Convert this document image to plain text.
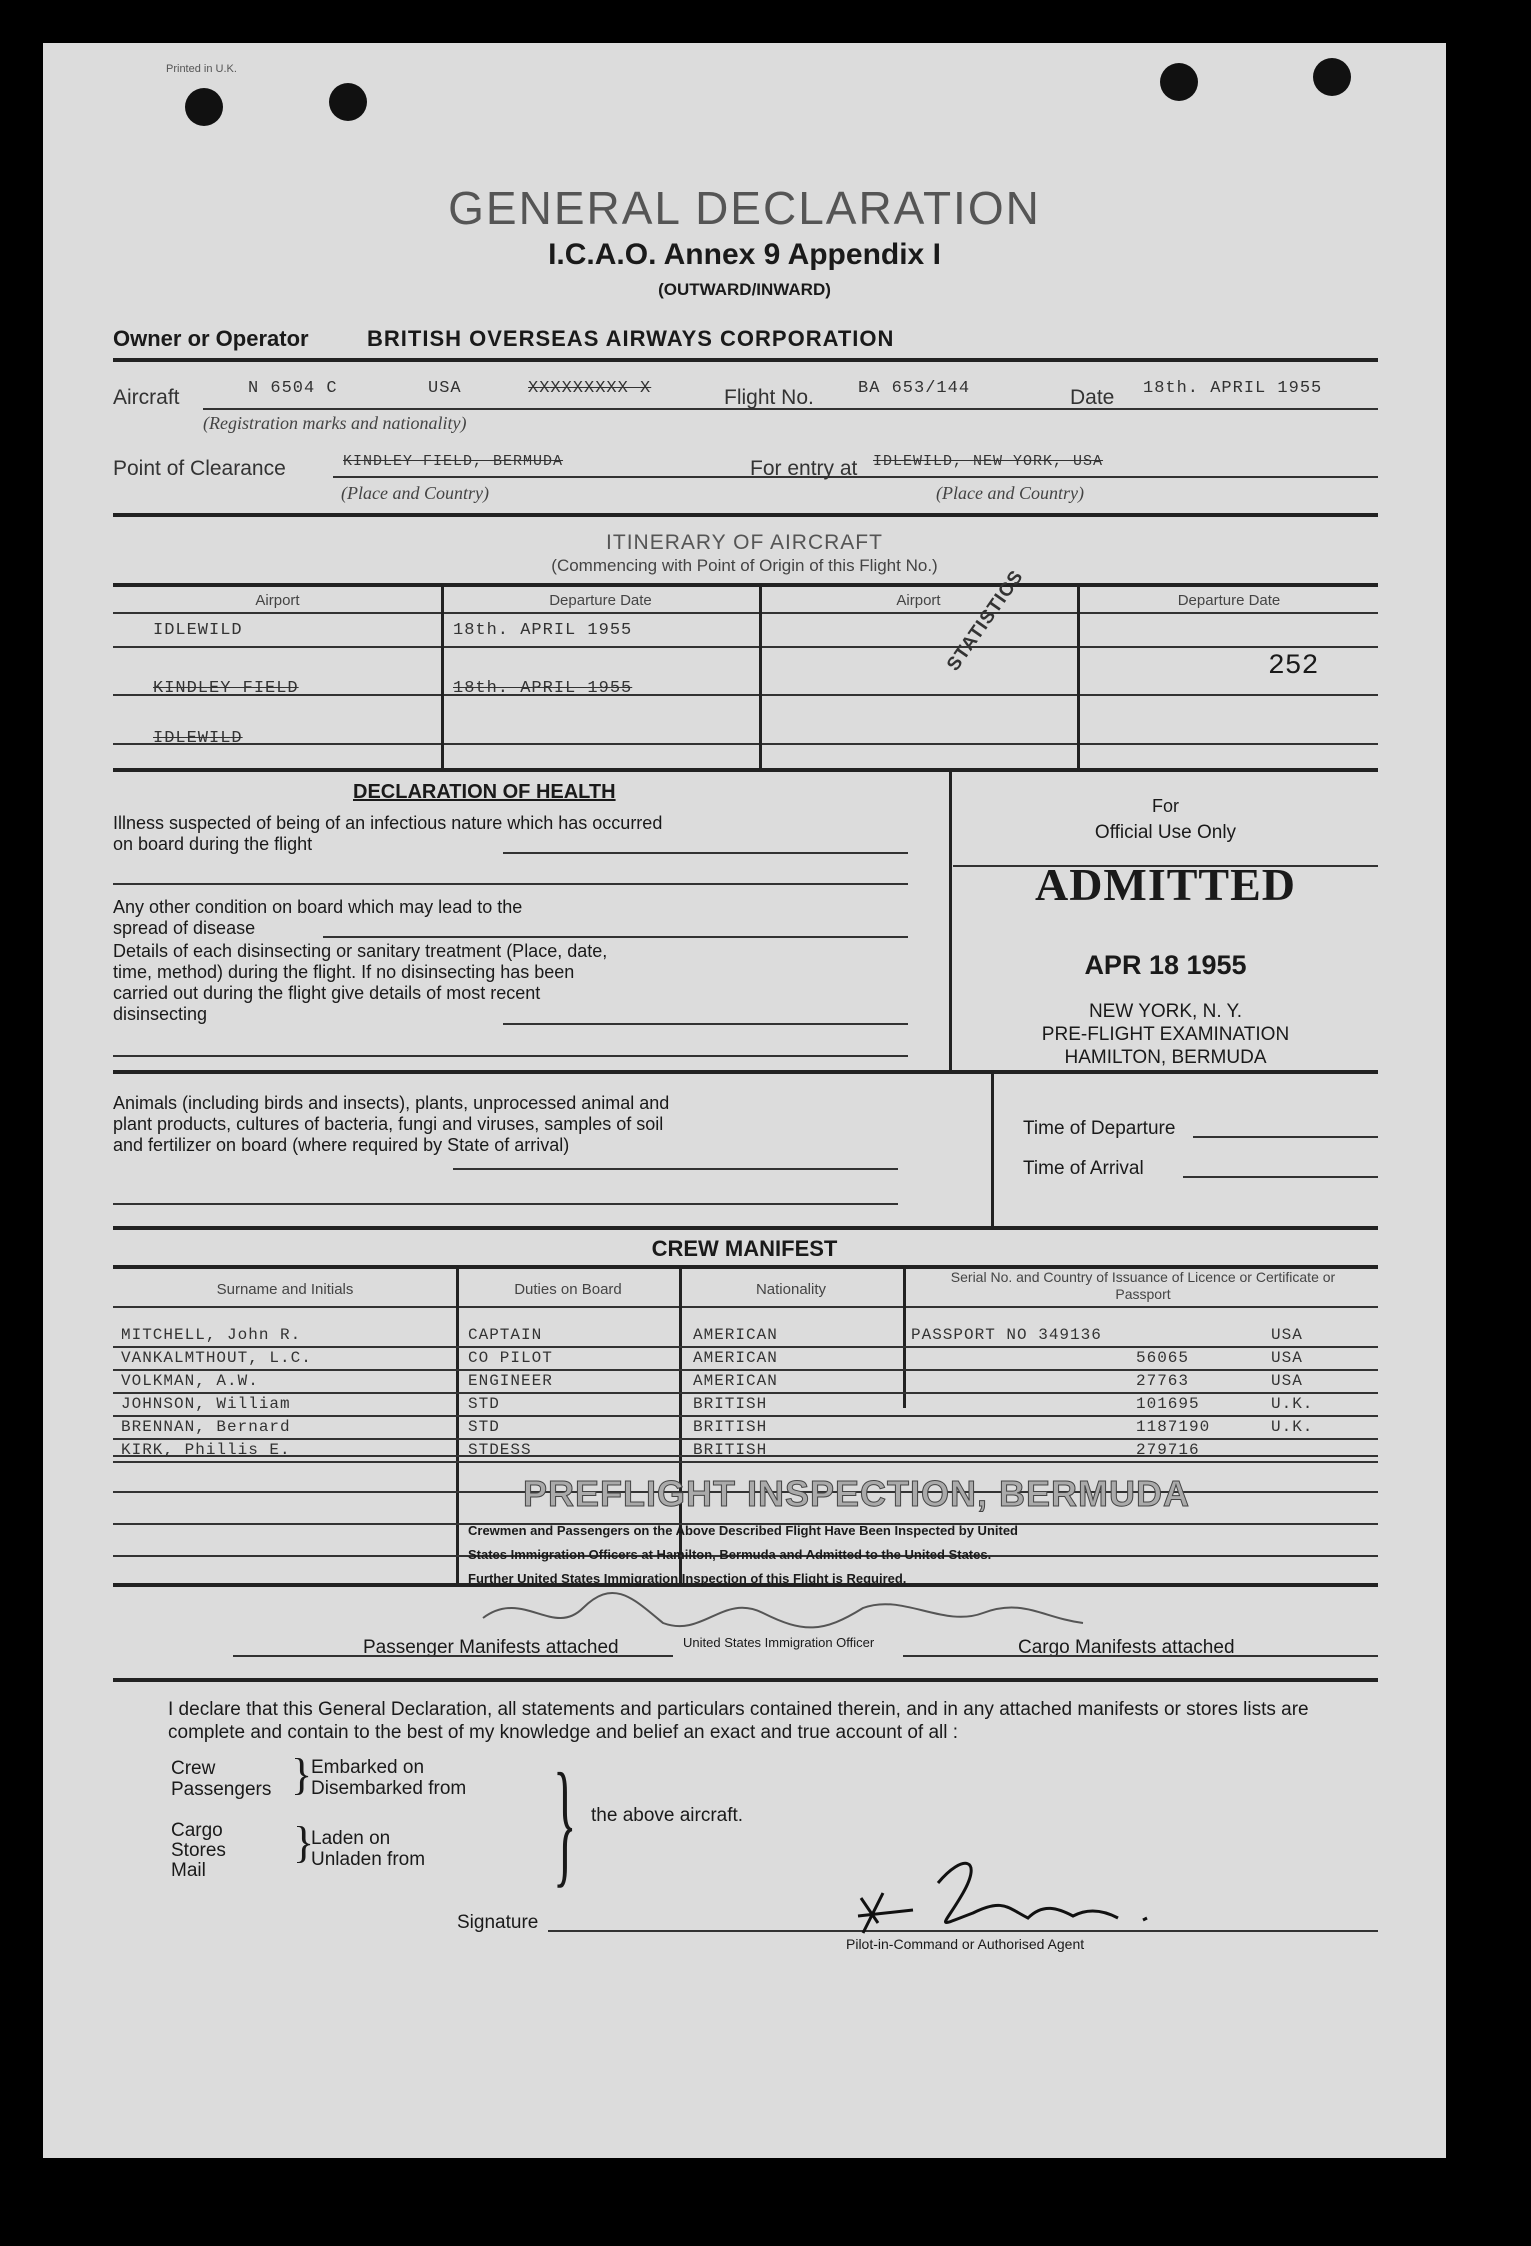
Printed in U.K.
GENERAL DECLARATION
I.C.A.O. Annex 9 Appendix I
(OUTWARD/INWARD)
Owner or Operator	BRITISH OVERSEAS AIRWAYS CORPORATION
Aircraft	N 6504 C	USA	XXXXXXXXX X
(Registration marks and nationality)
Flight No.	BA 653/144	Date 18th. APRIL 1955
Point of Clearance	KINDLEY FIELD, BERMUDA
(Place and Country)
For entry at IDLEWILD, NEW YORK, USA
(Place and Country)
ITINERARY OF AIRCRAFT
(Commencing with Point of Origin of this Flight No.)
Airport	Departure Date	Airport	Departure Date
IDLEWILD	18th. APRIL 1955
KINDLEY FIELD	18th. APRIL 1955
IDLEWILD
STATISTICS	252
DECLARATION OF HEALTH
Illness suspected of being of an infectious nature which has occurred on board during the flight
Any other condition on board which may lead to the spread of disease
Details of each disinsecting or sanitary treatment (Place, date, time, method) during the flight. If no disinsecting has been carried out during the flight give details of most recent disinsecting
For
Official Use Only
ADMITTED
APR 18 1955
NEW YORK, N. Y.
PRE-FLIGHT EXAMINATION
HAMILTON, BERMUDA
Animals (including birds and insects), plants, unprocessed animal and plant products, cultures of bacteria, fungi and viruses, samples of soil and fertilizer on board (where required by State of arrival)
Time of Departure
Time of Arrival
CREW MANIFEST
Surname and Initials	Duties on Board	Nationality
Serial No. and Country of Issuance of Licence or Certificate or Passport
MITCHELL, John R.	CAPTAIN	AMERICAN	PASSPORT NO 349136	USA
VANKALMTHOUT, L.C.	CO PILOT	AMERICAN	56065	USA
VOLKMAN, A.W.	ENGINEER	AMERICAN	27763	USA
JOHNSON, William	STD	BRITISH	101695	U.K.
BRENNAN, Bernard	STD	BRITISH	1187190	U.K.
KIRK, Phillis E.	STDESS	BRITISH	279716
PREFLIGHT INSPECTION, BERMUDA
Crewmen and Passengers on the Above Described Flight Have Been Inspected by United
States Immigration Officers at Hamilton, Bermuda and Admitted to the United States.
Further United States Immigration Inspection of this Flight is Required.
United States Immigration Officer
Passenger Manifests attached	Cargo Manifests attached
I declare that this General Declaration, all statements and particulars contained therein, and in any attached manifests or stores lists are complete and contain to the best of my knowledge and belief an exact and true account of all :
Crew
Passengers }
Embarked on
Disembarked from
Cargo
Stores
Mail
}
Laden on
Unladen from } the above aircraft.
Signature
Pilot-in-Command or Authorised Agent
